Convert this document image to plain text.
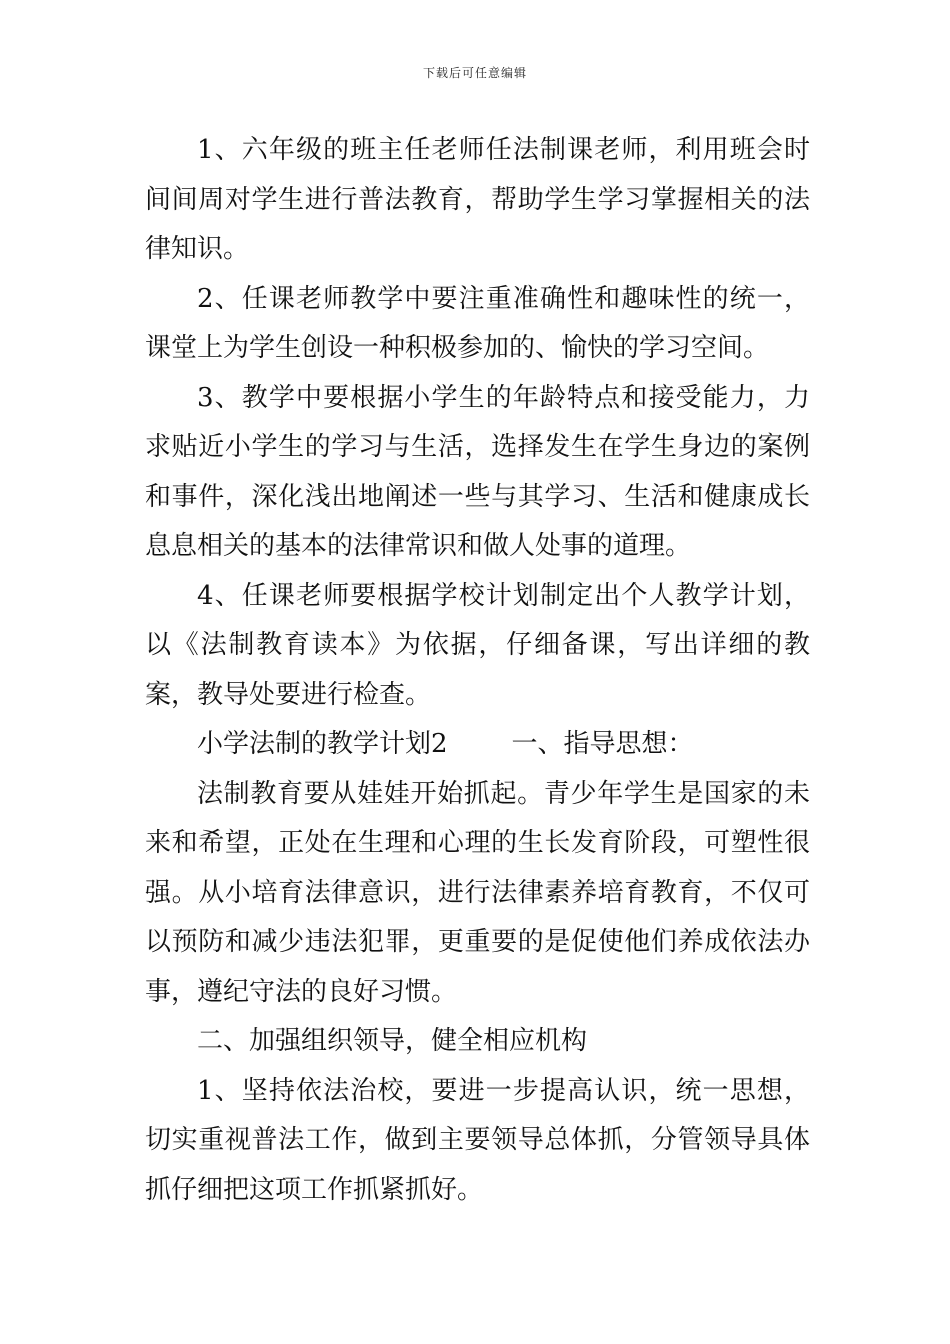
下载后可任意编辑

1、六年级的班主任老师任法制课老师，利用班会时间间周对学生进行普法教育，帮助学生学习掌握相关的法律知识。

2、任课老师教学中要注重准确性和趣味性的统一，课堂上为学生创设一种积极参加的、愉快的学习空间。

3、教学中要根据小学生的年龄特点和接受能力，力求贴近小学生的学习与生活，选择发生在学生身边的案例和事件，深化浅出地阐述一些与其学习、生活和健康成长息息相关的基本的法律常识和做人处事的道理。

4、任课老师要根据学校计划制定出个人教学计划，以《法制教育读本》为依据，仔细备课，写出详细的教案，教导处要进行检查。

小学法制的教学计划2 一、指导思想：

法制教育要从娃娃开始抓起。青少年学生是国家的未来和希望，正处在生理和心理的生长发育阶段，可塑性很强。从小培育法律意识，进行法律素养培育教育，不仅可以预防和减少违法犯罪，更重要的是促使他们养成依法办事，遵纪守法的良好习惯。

二、加强组织领导，健全相应机构

1、坚持依法治校，要进一步提高认识，统一思想，切实重视普法工作，做到主要领导总体抓，分管领导具体抓仔细把这项工作抓紧抓好。
